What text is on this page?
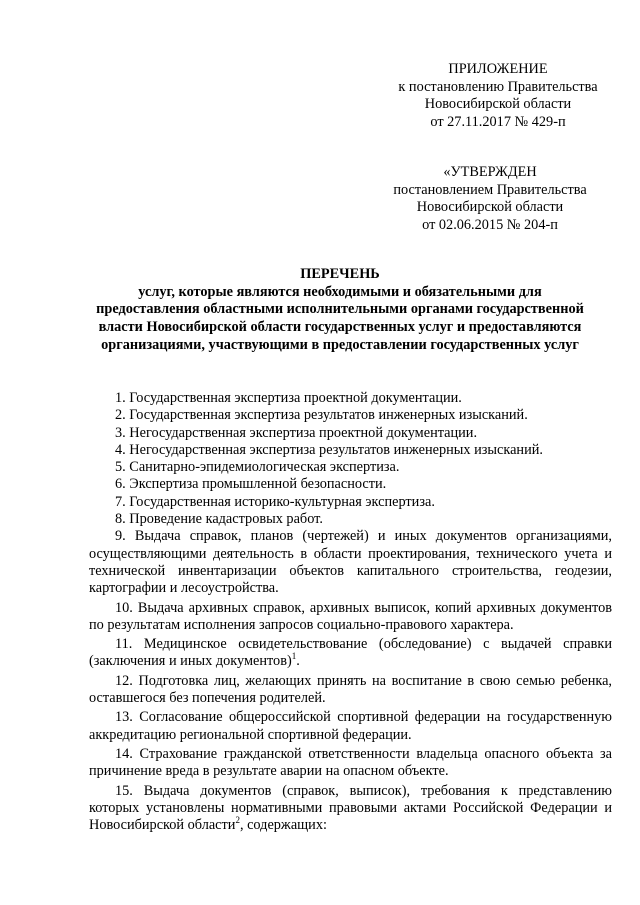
ПРИЛОЖЕНИЕ
к постановлению Правительства
Новосибирской области
от 27.11.2017 № 429-п
«УТВЕРЖДЕН
постановлением Правительства
Новосибирской области
от 02.06.2015 № 204-п
ПЕРЕЧЕНЬ
услуг, которые являются необходимыми и обязательными для
предоставления областными исполнительными органами государственной
власти Новосибирской области государственных услуг и предоставляются
организациями, участвующими в предоставлении государственных услуг

1. Государственная экспертиза проектной документации.

2. Государственная экспертиза результатов инженерных изысканий.

3. Негосударственная экспертиза проектной документации.

4. Негосударственная экспертиза результатов инженерных изысканий.

5. Санитарно-эпидемиологическая экспертиза.

6. Экспертиза промышленной безопасности.

7. Государственная историко-культурная экспертиза.

8. Проведение кадастровых работ.

9. Выдача справок, планов (чертежей) и иных документов организациями, осуществляющими деятельность в области проектирования, технического учета и технической инвентаризации объектов капитального строительства, геодезии, картографии и лесоустройства.

10. Выдача архивных справок, архивных выписок, копий архивных документов по результатам исполнения запросов социально-правового характера.

11. Медицинское освидетельствование (обследование) с выдачей справки (заключения и иных документов)$^1$.

12. Подготовка лиц, желающих принять на воспитание в свою семью ребенка, оставшегося без попечения родителей.

13. Согласование общероссийской спортивной федерации на государственную аккредитацию региональной спортивной федерации.

14. Страхование гражданской ответственности владельца опасного объекта за причинение вреда в результате аварии на опасном объекте.

15. Выдача документов (справок, выписок), требования к представлению которых установлены нормативными правовыми актами Российской Федерации и Новосибирской области$^2$, содержащих:
